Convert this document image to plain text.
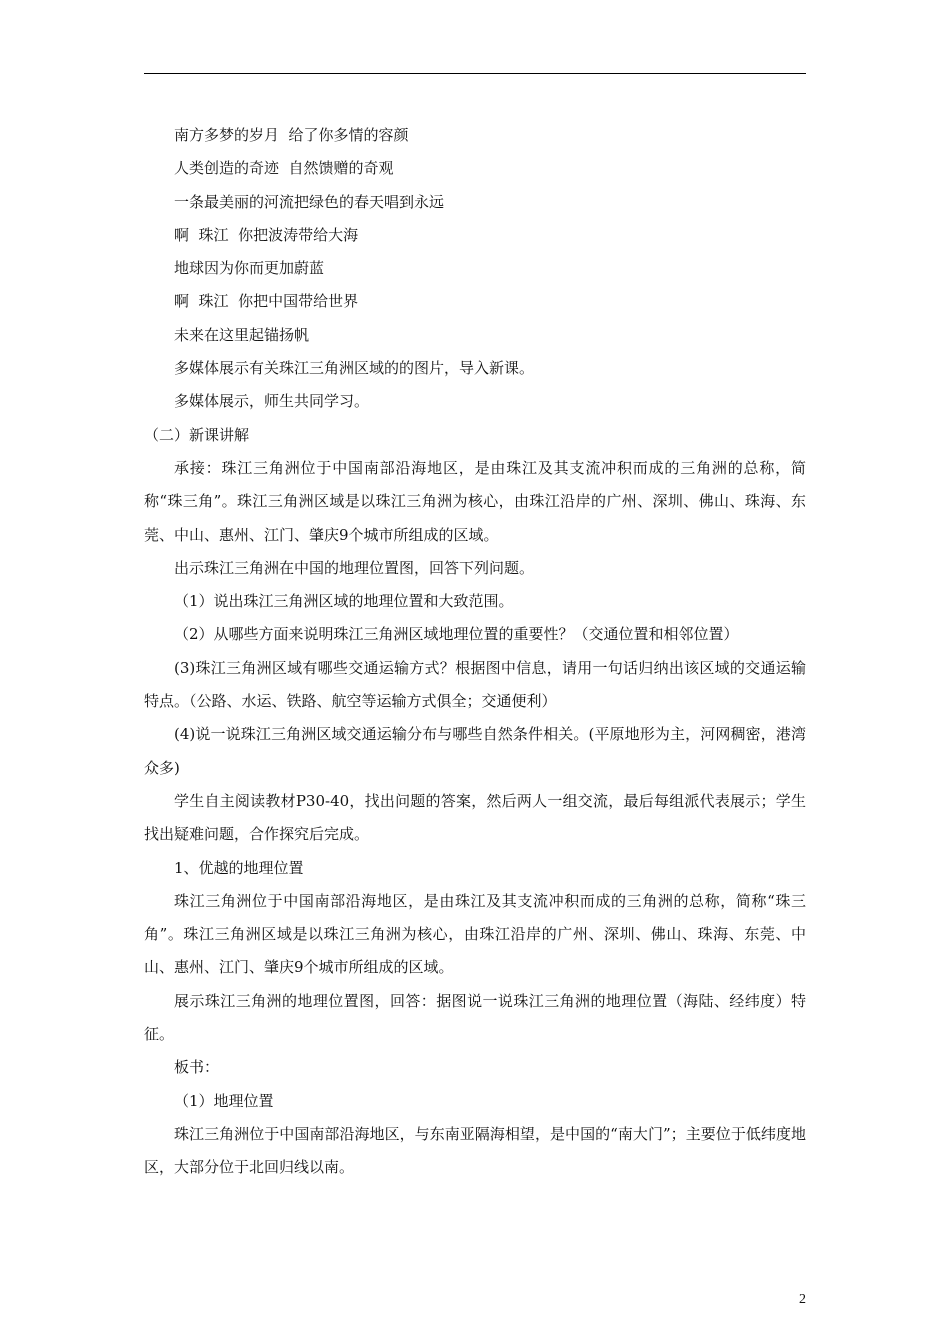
南方多梦的岁月  给了你多情的容颜

人类创造的奇迹  自然馈赠的奇观

一条最美丽的河流把绿色的春天唱到永远

啊  珠江  你把波涛带给大海

地球因为你而更加蔚蓝

啊  珠江  你把中国带给世界

未来在这里起锚扬帆

多媒体展示有关珠江三角洲区域的的图片，导入新课。

多媒体展示，师生共同学习。

（二）新课讲解

承接：珠江三角洲位于中国南部沿海地区，是由珠江及其支流冲积而成的三角洲的总称，简称“珠三角”。珠江三角洲区域是以珠江三角洲为核心，由珠江沿岸的广州、深圳、佛山、珠海、东莞、中山、惠州、江门、肇庆9个城市所组成的区域。

出示珠江三角洲在中国的地理位置图，回答下列问题。

（1）说出珠江三角洲区域的地理位置和大致范围。

（2）从哪些方面来说明珠江三角洲区域地理位置的重要性？（交通位置和相邻位置）

(3)珠江三角洲区域有哪些交通运输方式？根据图中信息，请用一句话归纳出该区域的交通运输特点。（公路、水运、铁路、航空等运输方式俱全；交通便利）

(4)说一说珠江三角洲区域交通运输分布与哪些自然条件相关。(平原地形为主，河网稠密，港湾众多)

学生自主阅读教材P30-40，找出问题的答案，然后两人一组交流，最后每组派代表展示；学生找出疑难问题，合作探究后完成。

1、优越的地理位置

珠江三角洲位于中国南部沿海地区，是由珠江及其支流冲积而成的三角洲的总称，简称“珠三角”。珠江三角洲区域是以珠江三角洲为核心，由珠江沿岸的广州、深圳、佛山、珠海、东莞、中山、惠州、江门、肇庆9个城市所组成的区域。

展示珠江三角洲的地理位置图，回答：据图说一说珠江三角洲的地理位置（海陆、经纬度）特征。

板书：

（1）地理位置

珠江三角洲位于中国南部沿海地区，与东南亚隔海相望，是中国的“南大门”；主要位于低纬度地区，大部分位于北回归线以南。

2
